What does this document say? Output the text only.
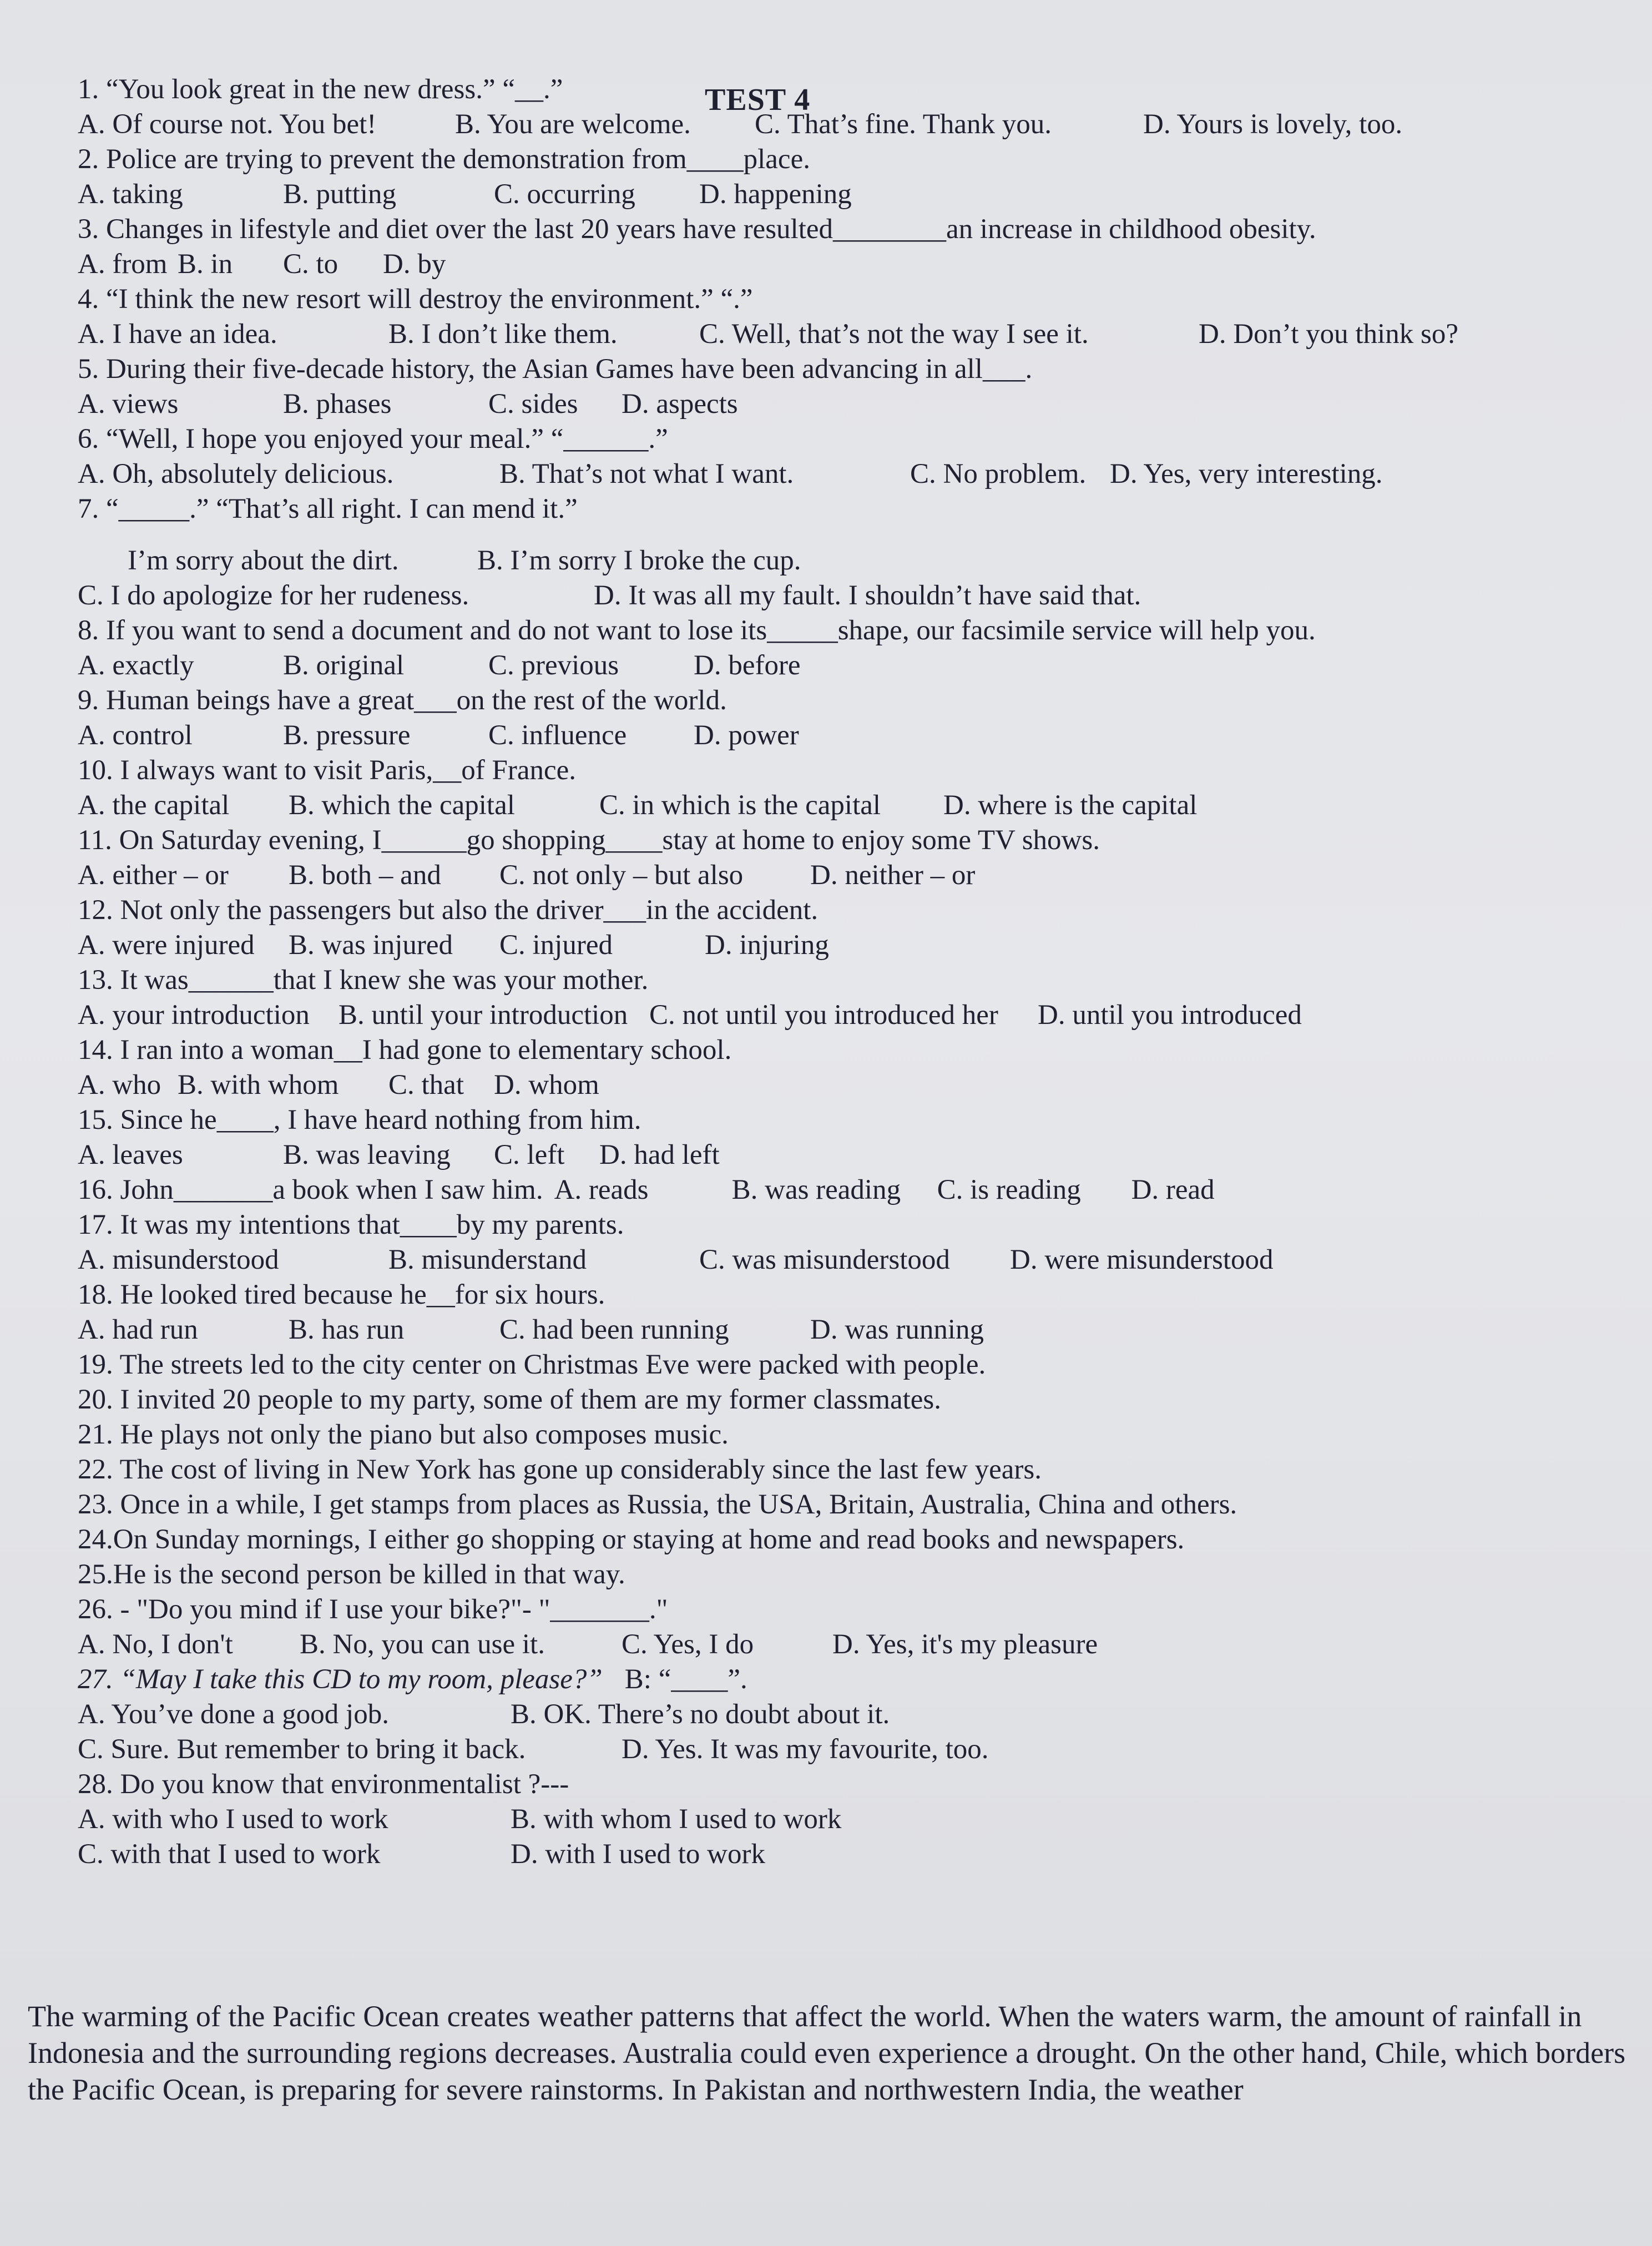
TEST 4
1. “You look great in the new dress.” “__.”
A. Of course not. You bet!	B. You are welcome. C. That’s fine. Thank you.	D. Yours is lovely, too.
2. Police are trying to prevent the demonstration from____place.
A. taking	B. putting	C. occurring D. happening
3. Changes in lifestyle and diet over the last 20 years have resulted________an increase in childhood obesity.
A. from B. in C. to D. by
4. “I think the new resort will destroy the environment.” “.”
A. I have an idea.	B. I don’t like them.	C. Well, that’s not the way I see it.	D. Don’t you think so?
5. During their five-decade history, the Asian Games have been advancing in all___.
A. views	B. phases	C. sides D. aspects
6. “Well, I hope you enjoyed your meal.” “______.”
A. Oh, absolutely delicious.	B. That’s not what I want.	C. No problem. D. Yes, very interesting.
7. “_____.” “That’s all right. I can mend it.”
I’m sorry about the dirt.	B. I’m sorry I broke the cup.
C. I do apologize for her rudeness.	D. It was all my fault. I shouldn’t have said that.
8. If you want to send a document and do not want to lose its_____shape, our facsimile service will help you.
A. exactly	B. original	C. previous	D. before
9. Human beings have a great___on the rest of the world.
A. control	B. pressure	C. influence D. power
10. I always want to visit Paris,__of France.
A. the capital B. which the capital	C. in which is the capital D. where is the capital
11. On Saturday evening, I______go shopping____stay at home to enjoy some TV shows.
A. either – or B. both – and C. not only – but also D. neither – or
12. Not only the passengers but also the driver___in the accident.
A. were injured B. was injured C. injured	D. injuring
13. It was______that I knew she was your mother.
A. your introduction B. until your introduction C. not until you introduced her D. until you introduced
14. I ran into a woman__I had gone to elementary school.
A. who B. with whom C. that D. whom
15. Since he____, I have heard nothing from him.
A. leaves	B. was leaving C. left D. had left
16. John_______a book when I saw him. A. reads	B. was reading C. is reading D. read
17. It was my intentions that____by my parents.
A. misunderstood	B. misunderstand	C. was misunderstood D. were misunderstood
18. He looked tired because he__for six hours.
A. had run	B. has run	C. had been running	D. was running
19. The streets led to the city center on Christmas Eve were packed with people.
20. I invited 20 people to my party, some of them are my former classmates.
21. He plays not only the piano but also composes music.
22. The cost of living in New York has gone up considerably since the last few years.
23. Once in a while, I get stamps from places as Russia, the USA, Britain, Australia, China and others.
24.On Sunday mornings, I either go shopping or staying at home and read books and newspapers.
25.He is the second person be killed in that way.
26. - "Do you mind if I use your bike?"- "_______."
A. No, I don't B. No, you can use it.	C. Yes, I do	D. Yes, it's my pleasure
27. “May I take this CD to my room, please?” B: “____”.
A. You’ve done a good job.	B. OK. There’s no doubt about it.
C. Sure. But remember to bring it back.	D. Yes. It was my favourite, too.
28. Do you know that environmentalist ?---
A. with who I used to work	B. with whom I used to work
C. with that I used to work	D. with I used to work
The warming of the Pacific Ocean creates weather patterns that affect the world. When the waters warm, the amount of rainfall in Indonesia and the surrounding regions decreases. Australia could even experience a drought. On the other hand, Chile, which borders the Pacific Ocean, is preparing for severe rainstorms. In Pakistan and northwestern India, the weather
